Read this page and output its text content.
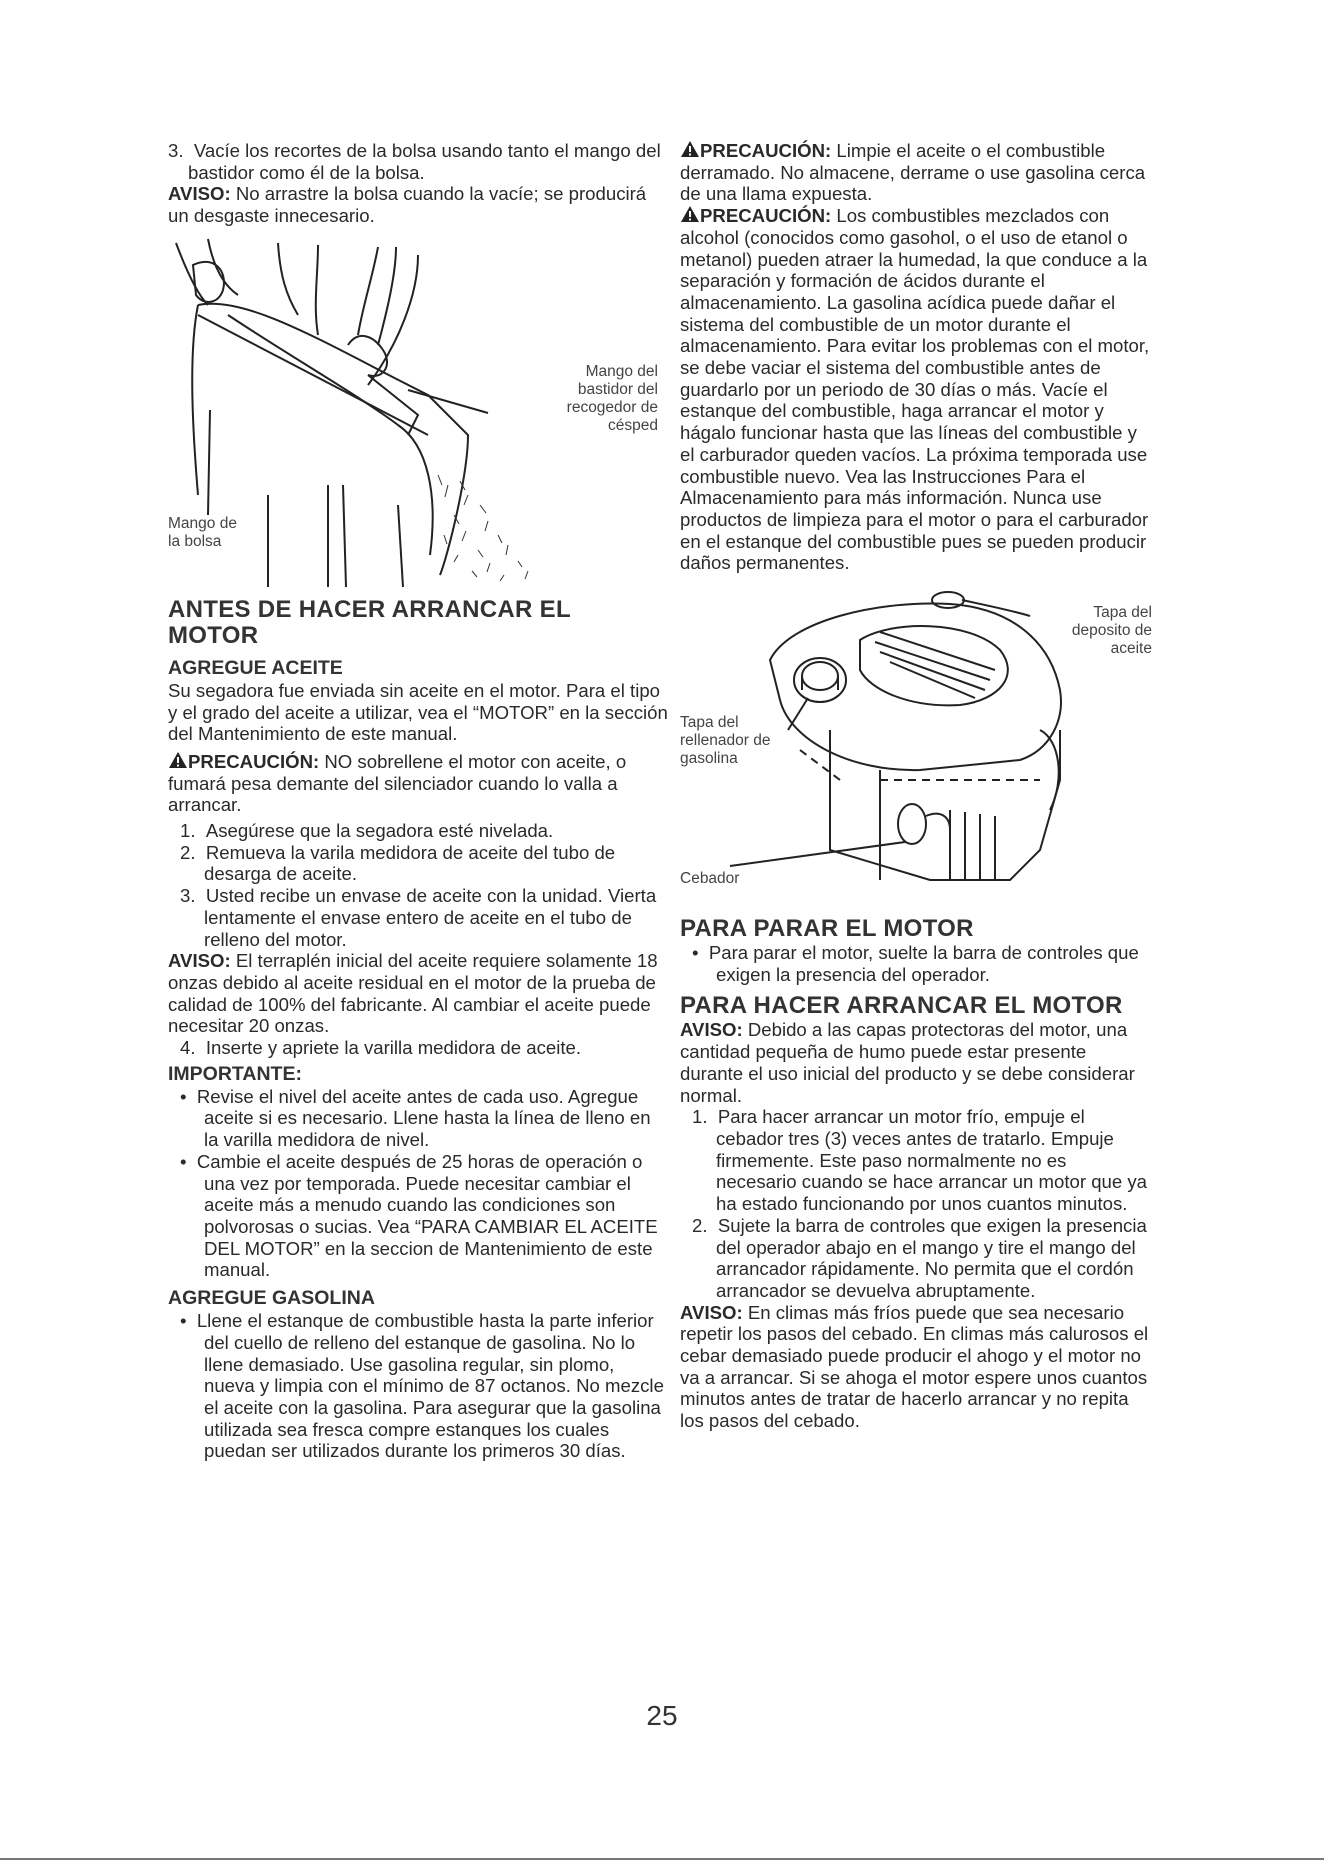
3.  Vacíe los recortes de la bolsa usando tanto el mango del bastidor como él de la bolsa.

AVISO: No arrastre la bolsa cuando la vacíe; se producirá un desgaste innecesario.

Mango del bastidor del recogedor de césped
Mango de la bolsa
ANTES DE HACER ARRANCAR EL MOTOR
AGREGUE ACEITE

Su segadora fue enviada sin aceite en el motor. Para el tipo y el grado del aceite a utilizar, vea el “MOTOR” en la sección del Mantenimiento de este manual.

PRECAUCIÓN: NO sobrellene el motor con aceite, o fumará pesa demante del silenciador cuando lo valla a arrancar.

1.  Asegúrese que la segadora esté nivelada.

2.  Remueva la varila medidora de aceite del tubo de desarga de aceite.

3.  Usted recibe un envase de aceite con la unidad. Vierta lentamente el envase entero de aceite en el tubo de relleno del motor.

AVISO: El terraplén inicial del aceite requiere solamente 18 onzas debido al aceite residual en el motor de la prueba de calidad de 100% del fabricante. Al cambiar el aceite puede necesitar 20 onzas.

4.  Inserte y apriete la varilla medidora de aceite.

IMPORTANTE:

•  Revise el nivel del aceite antes de cada uso. Agregue aceite si es necesario. Llene hasta la línea de lleno en la varilla medidora de nivel.

•  Cambie el aceite después de 25 horas de operación o una vez por temporada. Puede necesitar cambiar el aceite más a menudo cuando las condiciones son polvorosas o sucias. Vea “PARA CAMBIAR EL ACEITE DEL MOTOR” en la seccion de Mantenimiento de este manual.

AGREGUE GASOLINA

•  Llene el estanque de combustible hasta la parte inferior del cuello de relleno del estanque de gasolina. No lo llene demasiado. Use gasolina regular, sin plomo, nueva y limpia con el mínimo de 87 octanos. No mezcle el aceite con la gasolina. Para asegurar que la gasolina utilizada sea fresca compre estanques los cuales puedan ser utilizados durante los primeros 30 días.

PRECAUCIÓN: Limpie el aceite o el combustible derramado. No almacene, derrame o use gasolina cerca de una llama expuesta.

PRECAUCIÓN: Los combustibles mezclados con alcohol (conocidos como gasohol, o el uso de etanol o metanol) pueden atraer la humedad, la que conduce a la separación y formación de ácidos durante el almacenamiento. La gasolina acídica puede dañar el sistema del combustible de un motor durante el almacenamiento. Para evitar los problemas con el motor, se debe vaciar el sistema del combustible antes de guardarlo por un periodo de 30 días o más. Vacíe el estanque del combustible, haga arrancar el motor y hágalo funcionar hasta que las líneas del combustible y el carburador queden vacíos. La próxima temporada use combustible nuevo. Vea las Instrucciones Para el Almacenamiento para más información. Nunca use productos de limpieza para el motor o para el carburador en el estanque del combustible pues se pueden producir daños permanentes.

Tapa del deposito de aceite
Tapa del rellenador de gasolina
Cebador
PARA PARAR EL MOTOR

•  Para parar el motor, suelte la barra de controles que exigen la presencia del operador.

PARA HACER ARRANCAR EL MOTOR

AVISO: Debido a las capas protectoras del motor, una cantidad pequeña de humo puede estar presente durante el uso inicial del producto y se debe considerar normal.

1.  Para hacer arrancar un motor frío, empuje el cebador tres (3) veces antes de tratarlo. Empuje firmemente. Este paso normalmente no es necesario cuando se hace arrancar un motor que ya ha estado funcionando por unos cuantos minutos.

2.  Sujete la barra de controles que exigen la presencia del operador abajo en el mango y tire el mango del arrancador rápidamente. No permita que el cordón arrancador se devuelva abruptamente.

AVISO: En climas más fríos puede que sea necesario repetir los pasos del cebado. En climas más calurosos el cebar demasiado puede producir el ahogo y el motor no va a arrancar. Si se ahoga el motor espere unos cuantos minutos antes de tratar de hacerlo arrancar y no repita los pasos del cebado.

25
